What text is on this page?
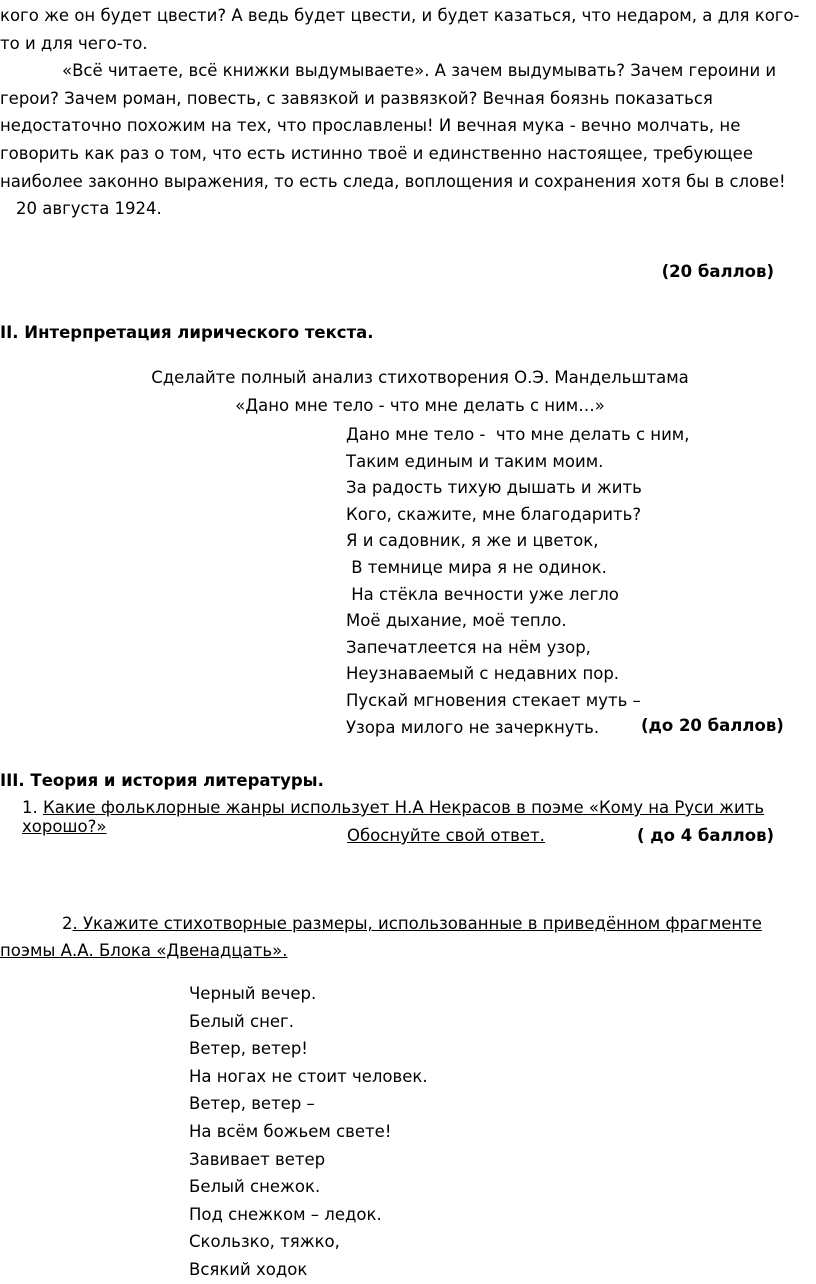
кого же он будет цвести? А ведь будет цвести, и будет казаться, что недаром, а для кого-то и для чего-то.

«Всё читаете, всё книжки выдумываете». А зачем выдумывать? Зачем героини и герои? Зачем роман, повесть, с завязкой и развязкой? Вечная боязнь показаться недостаточно похожим на тех, что прославлены! И вечная мука - вечно молчать, не говорить как раз о том, что есть истинно твоё и единственно настоящее, требующее наиболее законно выражения, то есть следа, воплощения и сохранения хотя бы в слове!

20 августа 1924.

(20 баллов)
II. Интерпретация лирического текста.
Сделайте полный анализ стихотворения О.Э. Мандельштама
«Дано мне тело - что мне делать с ним…»
Дано мне тело -  что мне делать с ним,
Таким единым и таким моим.
За радость тихую дышать и жить
Кого, скажите, мне благодарить?
Я и садовник, я же и цветок,
В темнице мира я не одинок.
На стёкла вечности уже легло
Моё дыхание, моё тепло.
Запечатлеется на нём узор,
Неузнаваемый с недавних пор.
Пускай мгновения стекает муть –
Узора милого не зачеркнуть.	(до 20 баллов)
III. Теория и история литературы.
1. Какие фольклорные жанры использует Н.А Некрасов в поэме «Кому на Руси жить хорошо?»	Обоснуйте свой ответ.	( до 4 баллов)

2. Укажите стихотворные размеры, использованные в приведённом фрагменте поэмы А.А. Блока «Двенадцать».

Черный вечер.
Белый снег.
Ветер, ветер!
На ногах не стоит человек.
Ветер, ветер –
На всём божьем свете!
Завивает ветер
Белый снежок.
Под снежком – ледок.
Скользко, тяжко,
Всякий ходок
